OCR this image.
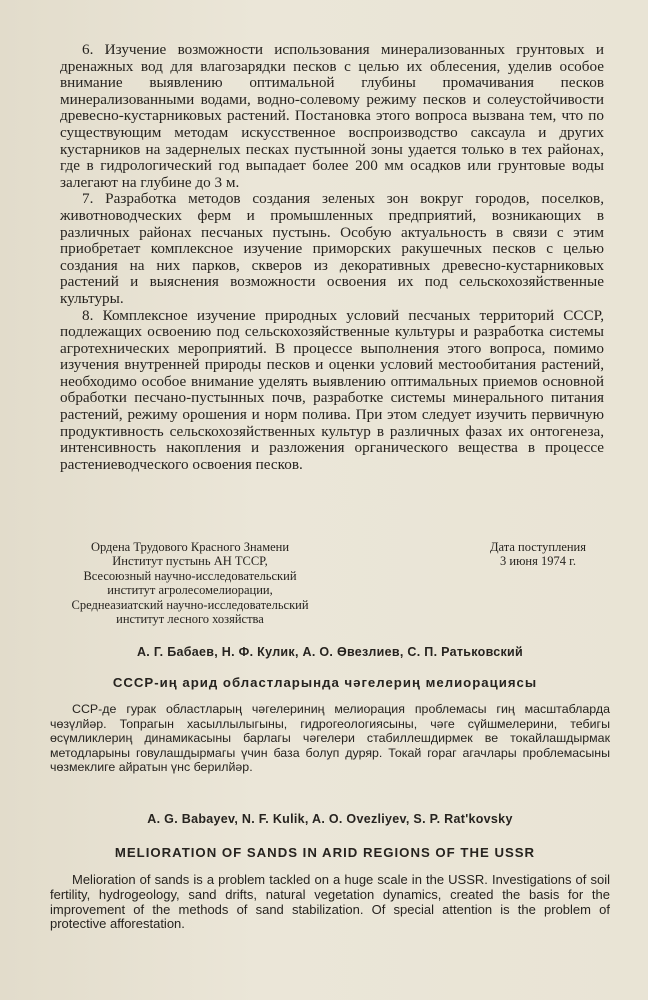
6. Изучение возможности использования минерализованных грунтовых и дренажных вод для влагозарядки песков с целью их облесения, уделив особое внимание выявлению оптимальной глубины промачивания песков минерализованными водами, водно-солевому режиму песков и солеустойчивости древесно-кустарниковых растений. Постановка этого вопроса вызвана тем, что по существующим методам искусственное воспроизводство саксаула и других кустарников на задернелых песках пустынной зоны удается только в тех районах, где в гидрологический год выпадает более 200 мм осадков или грунтовые воды залегают на глубине до 3 м.

7. Разработка методов создания зеленых зон вокруг городов, поселков, животноводческих ферм и промышленных предприятий, возникающих в различных районах песчаных пустынь. Особую актуальность в связи с этим приобретает комплексное изучение приморских ракушечных песков с целью создания на них парков, скверов из декоративных древесно-кустарниковых растений и выяснения возможности освоения их под сельскохозяйственные культуры.

8. Комплексное изучение природных условий песчаных территорий СССР, подлежащих освоению под сельскохозяйственные культуры и разработка системы агротехнических мероприятий. В процессе выполнения этого вопроса, помимо изучения внутренней природы песков и оценки условий местообитания растений, необходимо особое внимание уделять выявлению оптимальных приемов основной обработки песчано-пустынных почв, разработке системы минерального питания растений, режиму орошения и норм полива. При этом следует изучить первичную продуктивность сельскохозяйственных культур в различных фазах их онтогенеза, интенсивность накопления и разложения органического вещества в процессе растениеводческого освоения песков.

Ордена Трудового Красного Знамени
Институт пустынь АН ТССР,
Всесоюзный научно-исследовательский
институт агролесомелиорации,
Среднеазиатский научно-исследовательский
институт лесного хозяйства
Дата поступления
3 июня 1974 г.
А. Г. Бабаев, Н. Ф. Кулик, А. О. Өвезлиев, С. П. Ратьковский
СССР-иң арид областларында чәгелериң мелиорациясы

ССР-де гурак областларың чәгелериниң мелиорация проблемасы гиң масштабларда чөзүлйәр. Топрагын хасыллылыгыны, гидрогеологиясыны, чәге сүйшмелерини, тебигы өсүмликлериң динамикасыны барлагы чәгелери стабиллешдирмек ве токайлашдырмак методларыны говулашдырмагы үчин база болуп дуряр. Токай гораг агачлары проблемасыны чөзмеклиге айратын үнс берилйәр.

A. G. Babayev, N. F. Kulik, A. O. Ovezliyev, S. P. Rat'kovsky
MELIORATION OF SANDS IN ARID REGIONS OF THE USSR

Melioration of sands is a problem tackled on a huge scale in the USSR. Investigations of soil fertility, hydrogeology, sand drifts, natural vegetation dynamics, created the basis for the improvement of the methods of sand stabilization. Of special attention is the problem of protective afforestation.
